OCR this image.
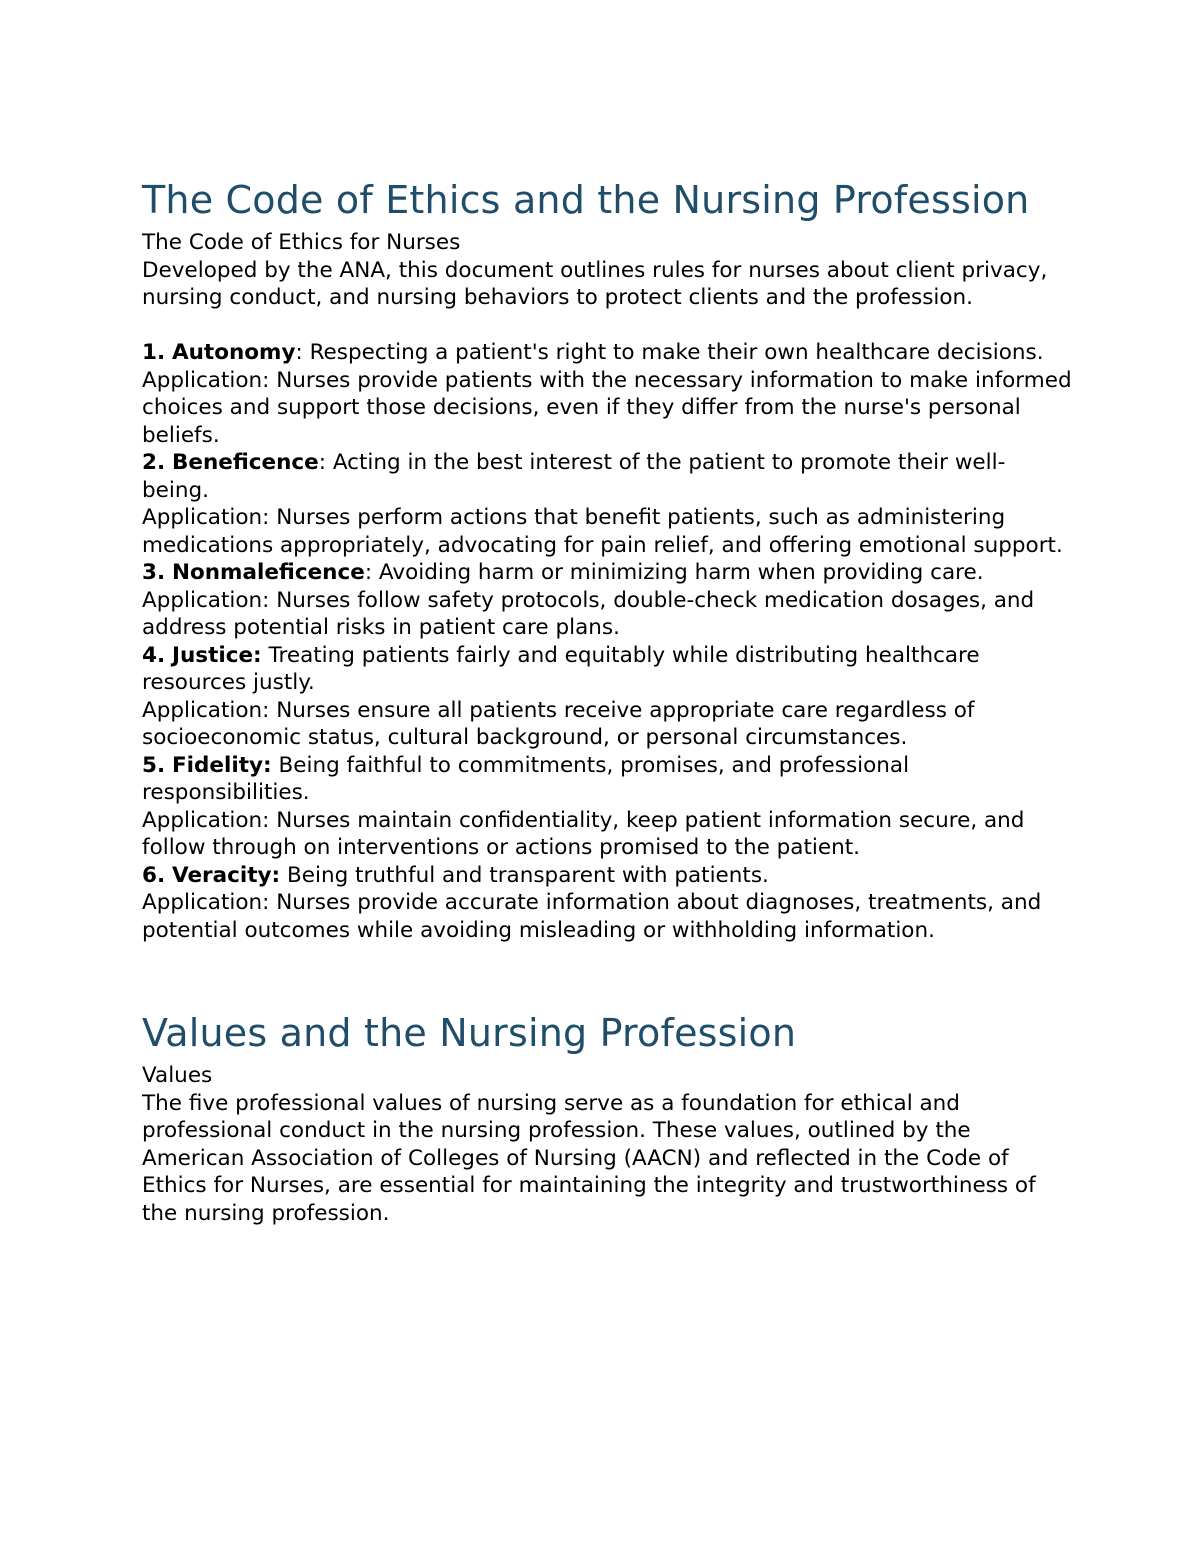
The Code of Ethics and the Nursing Profession

The Code of Ethics for Nurses

Developed by the ANA, this document outlines rules for nurses about client privacy, nursing conduct, and nursing behaviors to protect clients and the profession.

1. Autonomy: Respecting a patient's right to make their own healthcare decisions.

Application: Nurses provide patients with the necessary information to make informed choices and support those decisions, even if they differ from the nurse's personal beliefs.

2. Beneficence: Acting in the best interest of the patient to promote their well-being.

Application: Nurses perform actions that benefit patients, such as administering medications appropriately, advocating for pain relief, and offering emotional support.

3. Nonmaleficence: Avoiding harm or minimizing harm when providing care.

Application: Nurses follow safety protocols, double-check medication dosages, and address potential risks in patient care plans.

4. Justice: Treating patients fairly and equitably while distributing healthcare resources justly.

Application: Nurses ensure all patients receive appropriate care regardless of socioeconomic status, cultural background, or personal circumstances.

5. Fidelity: Being faithful to commitments, promises, and professional responsibilities.

Application: Nurses maintain confidentiality, keep patient information secure, and follow through on interventions or actions promised to the patient.

6. Veracity: Being truthful and transparent with patients.

Application: Nurses provide accurate information about diagnoses, treatments, and potential outcomes while avoiding misleading or withholding information.

Values and the Nursing Profession

Values

The five professional values of nursing serve as a foundation for ethical and professional conduct in the nursing profession. These values, outlined by the American Association of Colleges of Nursing (AACN) and reflected in the Code of Ethics for Nurses, are essential for maintaining the integrity and trustworthiness of the nursing profession.
